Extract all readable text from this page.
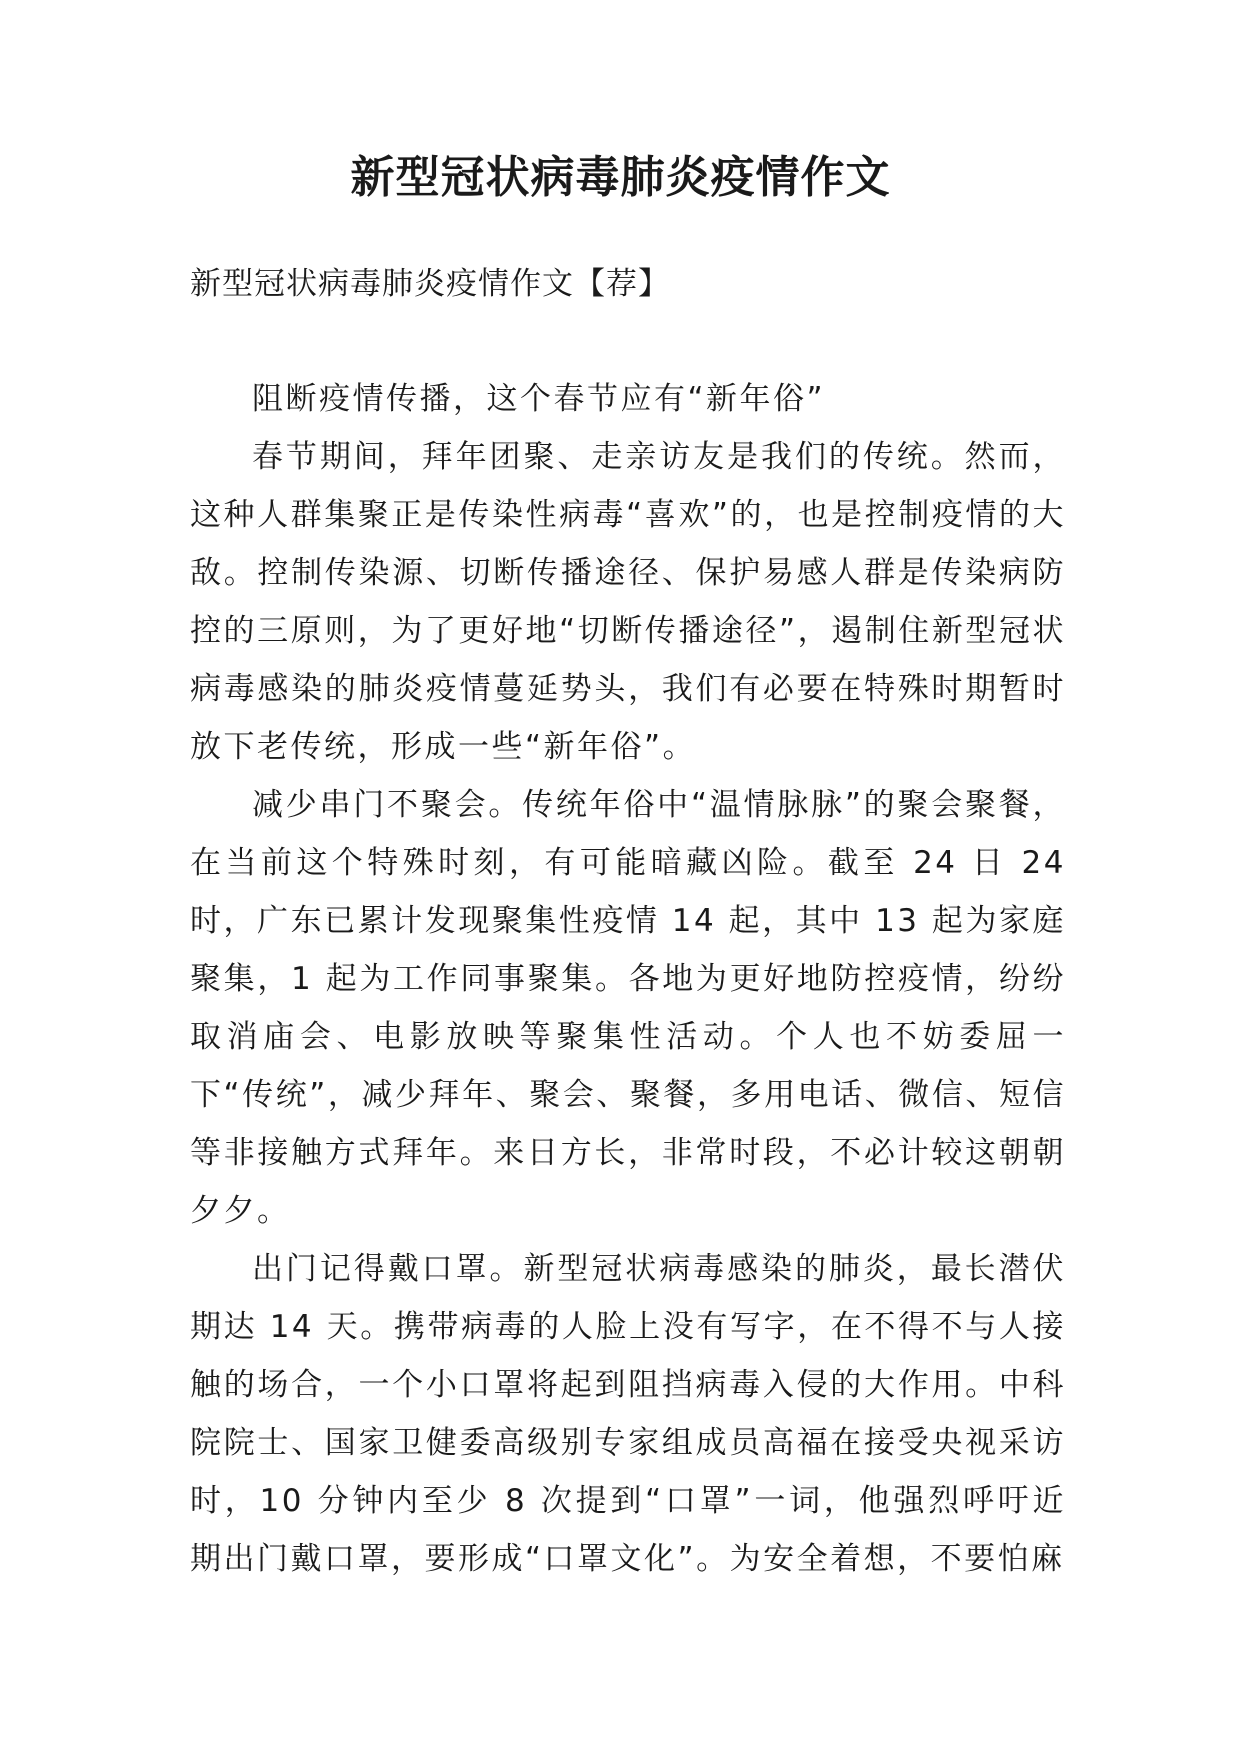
新型冠状病毒肺炎疫情作文
新型冠状病毒肺炎疫情作文【荐】

阻断疫情传播，这个春节应有“新年俗”

春节期间，拜年团聚、走亲访友是我们的传统。然而，这种人群集聚正是传染性病毒“喜欢”的，也是控制疫情的大敌。控制传染源、切断传播途径、保护易感人群是传染病防控的三原则，为了更好地“切断传播途径”，遏制住新型冠状病毒感染的肺炎疫情蔓延势头，我们有必要在特殊时期暂时放下老传统，形成一些“新年俗”。

减少串门不聚会。传统年俗中“温情脉脉”的聚会聚餐，在当前这个特殊时刻，有可能暗藏凶险。截至 24 日 24 时，广东已累计发现聚集性疫情 14 起，其中 13 起为家庭聚集，1 起为工作同事聚集。各地为更好地防控疫情，纷纷取消庙会、电影放映等聚集性活动。个人也不妨委屈一下“传统”，减少拜年、聚会、聚餐，多用电话、微信、短信等非接触方式拜年。来日方长，非常时段，不必计较这朝朝夕夕。

出门记得戴口罩。新型冠状病毒感染的肺炎，最长潜伏期达 14 天。携带病毒的人脸上没有写字，在不得不与人接触的场合，一个小口罩将起到阻挡病毒入侵的大作用。中科院院士、国家卫健委高级别专家组成员高福在接受央视采访时，10 分钟内至少 8 次提到“口罩”一词，他强烈呼吁近期出门戴口罩，要形成“口罩文化”。为安全着想，不要怕麻
